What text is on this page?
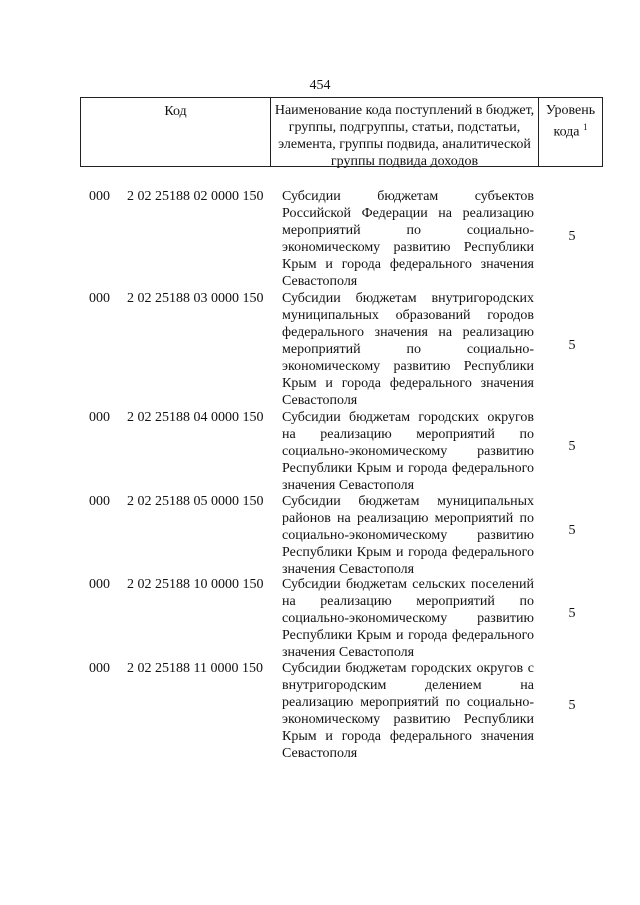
454
Код	Наименование кода поступлений в бюджет, группы, подгруппы, статьи, подстатьи, элемента, группы подвида, аналитической группы подвида доходов
Уровень кода $^1$
000 2 02 25188 02 0000 150 Субсидии бюджетам субъектов Российской Федерации на реализацию мероприятий по социально-экономическому развитию Республики Крым и города федерального значения Севастополя
5
000 2 02 25188 03 0000 150 Субсидии бюджетам внутригородских муниципальных образований городов федерального значения на реализацию мероприятий по социально-экономическому развитию Республики Крым и города федерального значения Севастополя
5
000 2 02 25188 04 0000 150 Субсидии бюджетам городских округов на реализацию мероприятий по социально-экономическому развитию Республики Крым и города федерального значения Севастополя
5
000 2 02 25188 05 0000 150 Субсидии бюджетам муниципальных районов на реализацию мероприятий по социально-экономическому развитию Республики Крым и города федерального значения Севастополя
5
000 2 02 25188 10 0000 150 Субсидии бюджетам сельских поселений на реализацию мероприятий по социально-экономическому развитию Республики Крым и города федерального значения Севастополя
5
000 2 02 25188 11 0000 150 Субсидии бюджетам городских округов с внутригородским делением на реализацию мероприятий по социально-экономическому развитию Республики Крым и города федерального значения Севастополя
5
